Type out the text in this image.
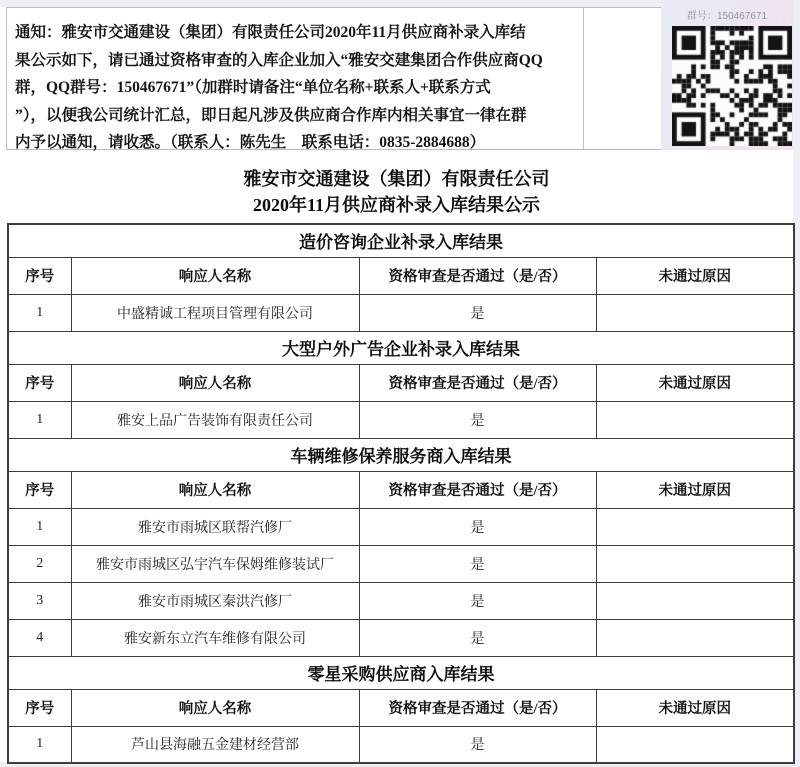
通知：雅安市交通建设（集团）有限责任公司2020年11月供应商补录入库结
果公示如下，请已通过资格审查的入库企业加入“雅安交建集团合作供应商QQ
群，QQ群号：150467671”（加群时请备注“单位名称+联系人+联系方式
”），以便我公司统计汇总，即日起凡涉及供应商合作库内相关事宜一律在群
内予以通知，请收悉。（联系人：陈先生　联系电话：0835-2884688）
群号：150467671
雅安市交通建设（集团）有限责任公司
2020年11月供应商补录入库结果公示
造价咨询企业补录入库结果			
序号	响应人名称	资格审查是否通过（是/否）	未通过原因
1	中盛精诚工程项目管理有限公司	是	
大型户外广告企业补录入库结果			
序号	响应人名称	资格审查是否通过（是/否）	未通过原因
1	雅安上品广告装饰有限责任公司	是	
车辆维修保养服务商入库结果			
序号	响应人名称	资格审查是否通过（是/否）	未通过原因
1	雅安市雨城区联帮汽修厂	是	
2	雅安市雨城区弘宇汽车保姆维修装试厂	是	
3	雅安市雨城区秦洪汽修厂	是	
4	雅安新东立汽车维修有限公司	是	
零星采购供应商入库结果			
序号	响应人名称	资格审查是否通过（是/否）	未通过原因
1	芦山县海融五金建材经营部	是	
